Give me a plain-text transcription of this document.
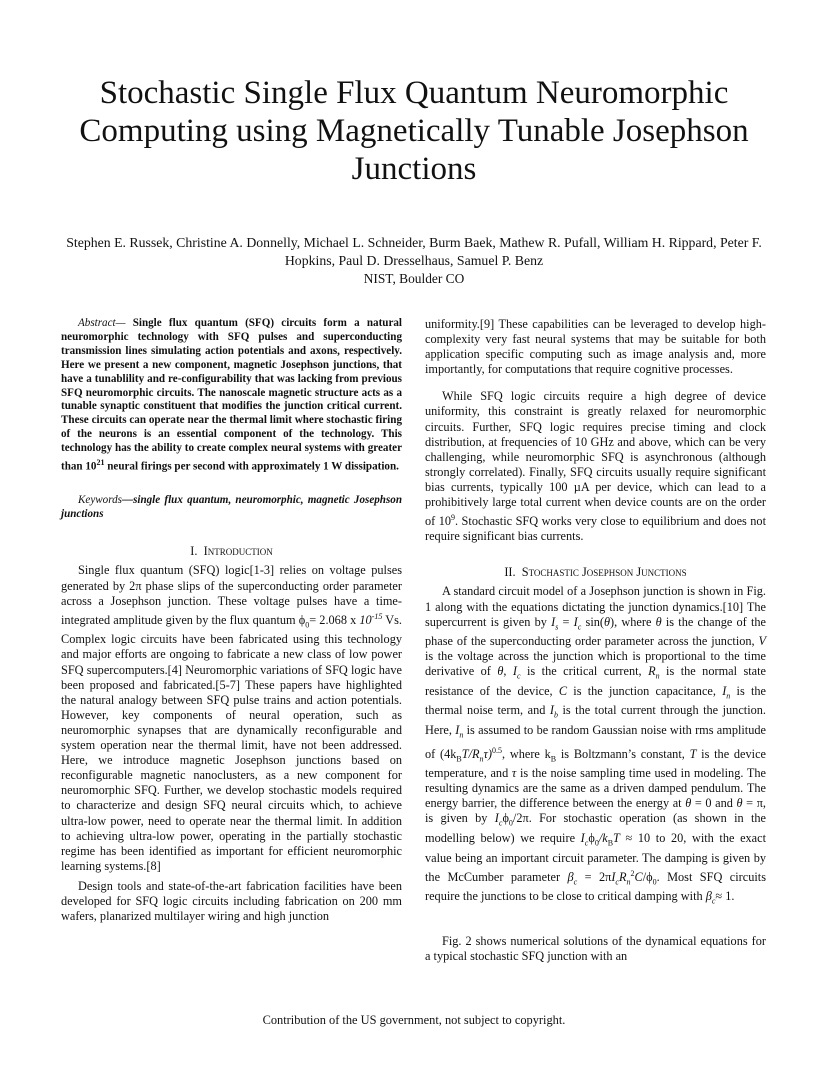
Stochastic Single Flux Quantum Neuromorphic Computing using Magnetically Tunable Josephson Junctions
Stephen E. Russek, Christine A. Donnelly, Michael L. Schneider, Burm Baek, Mathew R. Pufall, William H. Rippard, Peter F. Hopkins, Paul D. Dresselhaus, Samuel P. Benz
NIST, Boulder CO

Abstract— Single flux quantum (SFQ) circuits form a natural neuromorphic technology with SFQ pulses and superconducting transmission lines simulating action potentials and axons, respectively. Here we present a new component, magnetic Josephson junctions, that have a tunablility and re-configurability that was lacking from previous SFQ neuromorphic circuits. The nanoscale magnetic structure acts as a tunable synaptic constituent that modifies the junction critical current. These circuits can operate near the thermal limit where stochastic firing of the neurons is an essential component of the technology. This technology has the ability to create complex neural systems with greater than $10^{21}$ neural firings per second with approximately 1 W dissipation.

Keywords—single flux quantum, neuromorphic, magnetic Josephson junctions

I. Introduction

Single flux quantum (SFQ) logic[1-3] relies on voltage pulses generated by 2π phase slips of the superconducting order parameter across a Josephson junction. These voltage pulses have a time-integrated amplitude given by the flux quantum $\phi_0= 2.068$ x $10^{-15}$ Vs. Complex logic circuits have been fabricated using this technology and major efforts are ongoing to fabricate a new class of low power SFQ supercomputers.[4] Neuromorphic variations of SFQ logic have been proposed and fabricated.[5-7] These papers have highlighted the natural analogy between SFQ pulse trains and action potentials. However, key components of neural operation, such as neuromorphic synapses that are dynamically reconfigurable and system operation near the thermal limit, have not been addressed. Here, we introduce magnetic Josephson junctions based on reconfigurable magnetic nanoclusters, as a new component for neuromorphic SFQ. Further, we develop stochastic models required to characterize and design SFQ neural circuits which, to achieve ultra-low power, need to operate near the thermal limit. In addition to achieving ultra-low power, operating in the partially stochastic regime has been identified as important for efficient neuromorphic learning systems.[8]

Design tools and state-of-the-art fabrication facilities have been developed for SFQ logic circuits including fabrication on 200 mm wafers, planarized multilayer wiring and high junction

uniformity.[9] These capabilities can be leveraged to develop high-complexity very fast neural systems that may be suitable for both application specific computing such as image analysis and, more importantly, for computations that require cognitive processes.

While SFQ logic circuits require a high degree of device uniformity, this constraint is greatly relaxed for neuromorphic circuits. Further, SFQ logic requires precise timing and clock distribution, at frequencies of 10 GHz and above, which can be very challenging, while neuromorphic SFQ is asynchronous (although strongly correlated). Finally, SFQ circuits usually require significant bias currents, typically 100 µA per device, which can lead to a prohibitively large total current when device counts are on the order of $10^9$. Stochastic SFQ works very close to equilibrium and does not require significant bias currents.

II. Stochastic Josephson Junctions

A standard circuit model of a Josephson junction is shown in Fig. 1 along with the equations dictating the junction dynamics.[10] The supercurrent is given by $I_s = I_c$ sin(θ), where θ is the change of the phase of the superconducting order parameter across the junction, V is the voltage across the junction which is proportional to the time derivative of θ, $I_c$ is the critical current, $R_n$ is the normal state resistance of the device, C is the junction capacitance, $I_n$ is the thermal noise term, and $I_b$ is the total current through the junction. Here, $I_n$ is assumed to be random Gaussian noise with rms amplitude of $(4k_BT/R_n\tau)^{0.5}$, where $k_B$ is Boltzmann’s constant, T is the device temperature, and τ is the noise sampling time used in modeling. The resulting dynamics are the same as a driven damped pendulum. The energy barrier, the difference between the energy at θ = 0 and θ = π, is given by $I_c\phi_0/2\pi$. For stochastic operation (as shown in the modelling below) we require $I_c\phi_0/k_BT \approx 10$ to 20, with the exact value being an important circuit parameter. The damping is given by the McCumber parameter $\beta_c = 2\pi I_cR_n^2C/\phi_0$. Most SFQ circuits require the junctions to be close to critical damping with $\beta_c\approx 1$.

Fig. 2 shows numerical solutions of the dynamical equations for a typical stochastic SFQ junction with an

Contribution of the US government, not subject to copyright.
